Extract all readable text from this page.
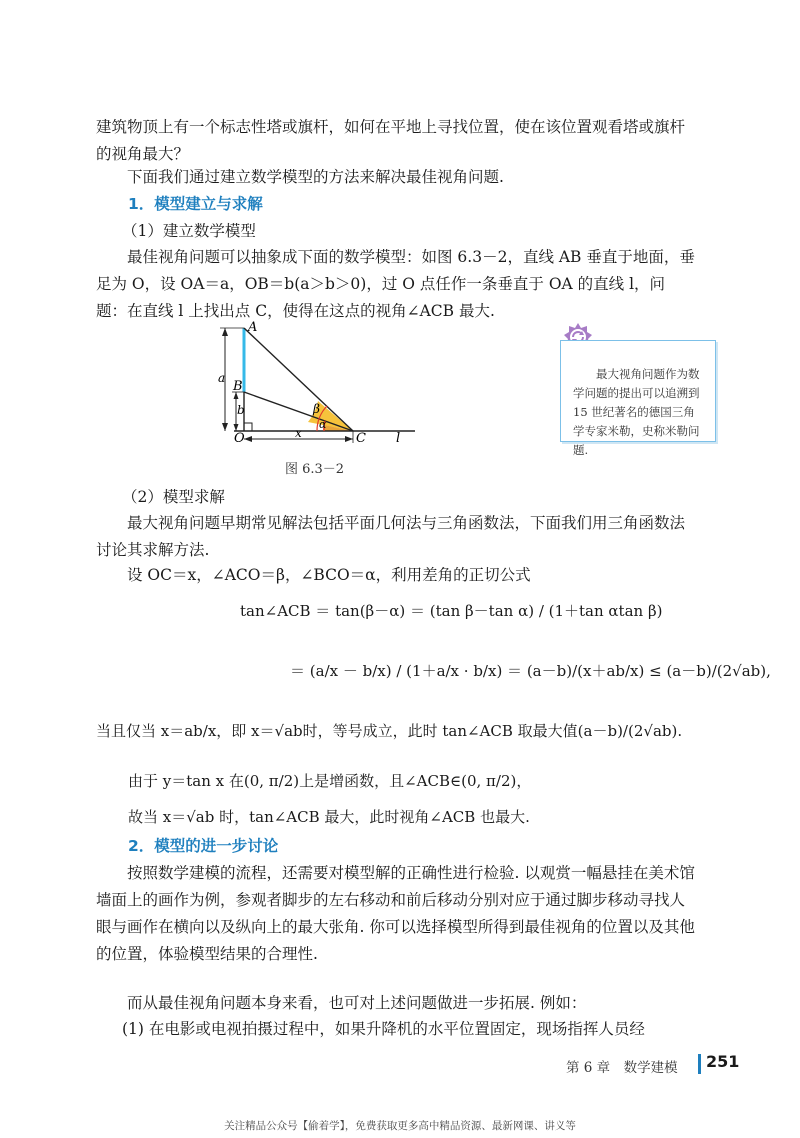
建筑物顶上有一个标志性塔或旗杆，如何在平地上寻找位置，使在该位置观看塔或旗杆的视角最大？

下面我们通过建立数学模型的方法来解决最佳视角问题.

1．模型建立与求解

（1）建立数学模型

最佳视角问题可以抽象成下面的数学模型：如图 6.3－2，直线 AB 垂直于地面，垂足为 O，设 OA＝a，OB＝b(a＞b＞0)，过 O 点任作一条垂直于 OA 的直线 l，问题：在直线 l 上找出点 C，使得在这点的视角∠ACB 最大.

A
B
O	C l
a
b
x
β
α

图 6.3－2

最大视角问题作为数学问题的提出可以追溯到 15 世纪著名的德国三角学专家米勒，史称米勒问题.

（2）模型求解

最大视角问题早期常见解法包括平面几何法与三角函数法，下面我们用三角函数法讨论其求解方法.

设 OC＝x，∠ACO＝β，∠BCO＝α，利用差角的正切公式

tan∠ACB ＝ tan(β－α) ＝ (tan β－tan α) / (1＋tan αtan β)
＝ (a/x － b/x) / (1＋a/x · b/x) ＝ (a－b)/(x＋ab/x) ≤ (a－b)/(2√ab),
当且仅当 x＝ab/x，即 x＝√ab时，等号成立，此时 tan∠ACB 取最大值(a－b)/(2√ab).
由于 y＝tan x 在(0, π/2)上是增函数，且∠ACB∈(0, π/2)，
故当 x＝√ab 时，tan∠ACB 最大，此时视角∠ACB 也最大.

2．模型的进一步讨论

按照数学建模的流程，还需要对模型解的正确性进行检验. 以观赏一幅悬挂在美术馆墙面上的画作为例，参观者脚步的左右移动和前后移动分别对应于通过脚步移动寻找人眼与画作在横向以及纵向上的最大张角. 你可以选择模型所得到最佳视角的位置以及其他的位置，体验模型结果的合理性.

而从最佳视角问题本身来看，也可对上述问题做进一步拓展. 例如：

(1) 在电影或电视拍摄过程中，如果升降机的水平位置固定，现场指挥人员经

第 6 章　数学建模 251
关注精品公众号【偷着学】，免费获取更多高中精品资源、最新网课、讲义等
